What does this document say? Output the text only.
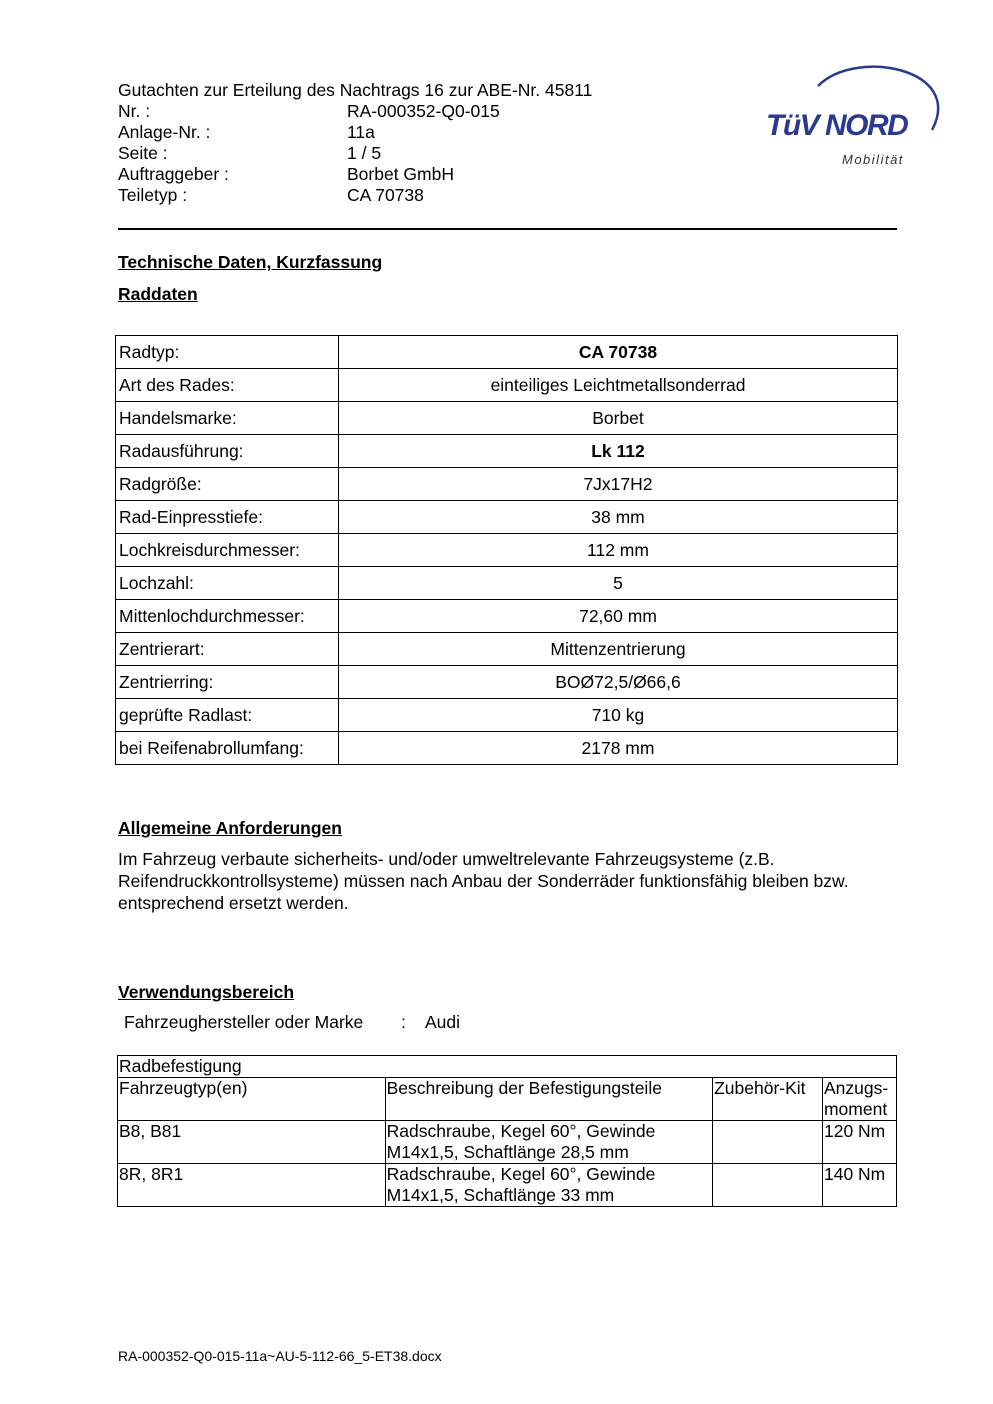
Gutachten zur Erteilung des Nachtrags 16 zur ABE-Nr. 45811
Nr. :	RA-000352-Q0-015
Anlage-Nr. :	11a
Seite :	1 / 5
Auftraggeber :	Borbet GmbH
Teiletyp :	CA 70738
TüV NORD
Mobilität
Technische Daten, Kurzfassung
Raddaten
Radtyp:	CA 70738
Art des Rades:	einteiliges Leichtmetallsonderrad
Handelsmarke:	Borbet
Radausführung:	Lk 112
Radgröße:	7Jx17H2
Rad-Einpresstiefe:	38 mm
Lochkreisdurchmesser:	112 mm
Lochzahl:	5
Mittenlochdurchmesser:	72,60 mm
Zentrierart:	Mittenzentrierung
Zentrierring:	BOØ72,5/Ø66,6
geprüfte Radlast:	710 kg
bei Reifenabrollumfang:	2178 mm
Allgemeine Anforderungen
Im Fahrzeug verbaute sicherheits- und/oder umweltrelevante Fahrzeugsysteme (z.B. Reifendruckkontrollsysteme) müssen nach Anbau der Sonderräder funktionsfähig bleiben bzw. entsprechend ersetzt werden.
Verwendungsbereich
Fahrzeughersteller oder Marke	:	Audi
Radbefestigung			
Fahrzeugtyp(en)	Beschreibung der Befestigungsteile	Zubehör-Kit	Anzugs-moment
B8, B81	Radschraube, Kegel 60°, Gewinde M14x1,5, Schaftlänge 28,5 mm		120 Nm
8R, 8R1	Radschraube, Kegel 60°, Gewinde M14x1,5, Schaftlänge 33 mm		140 Nm
RA-000352-Q0-015-11a~AU-5-112-66_5-ET38.docx
